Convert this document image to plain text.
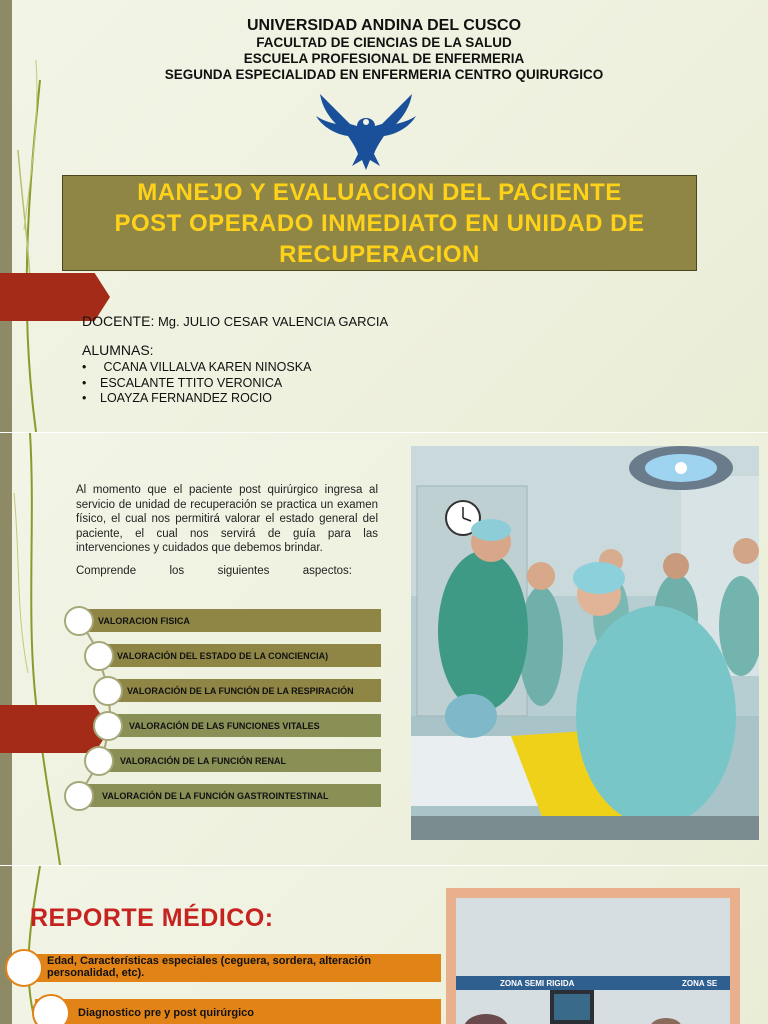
UNIVERSIDAD ANDINA DEL CUSCO
FACULTAD DE CIENCIAS DE LA SALUD
ESCUELA PROFESIONAL DE ENFERMERIA
SEGUNDA ESPECIALIDAD EN ENFERMERIA CENTRO QUIRURGICO
MANEJO Y EVALUACION DEL PACIENTE
POST OPERADO INMEDIATO EN UNIDAD DE
RECUPERACION
DOCENTE: Mg. JULIO CESAR VALENCIA GARCIA
ALUMNAS:
• CCANA VILLALVA KAREN NINOSKA
• ESCALANTE TTITO VERONICA
• LOAYZA FERNANDEZ ROCIO
Al momento que el paciente post quirúrgico ingresa al servicio de unidad de recuperación se practica un examen físico, el cual nos permitirá valorar el estado general del paciente, el cual nos servirá de guía para las intervenciones y cuidados que debemos brindar.
Comprende	los	siguientes	aspectos:
VALORACION FISICA
VALORACIÓN DEL ESTADO DE LA CONCIENCIA)
VALORACIÓN DE LA FUNCIÓN DE LA RESPIRACIÓN
VALORACIÓN DE LAS FUNCIONES VITALES
VALORACIÓN DE LA FUNCIÓN RENAL
VALORACIÓN DE LA FUNCIÓN GASTROINTESTINAL
REPORTE MÉDICO:
Edad, Características especiales (ceguera, sordera, alteración personalidad, etc).
Diagnostico pre y post quirúrgico
ZONA SEMI RIGIDA	ZONA SE
